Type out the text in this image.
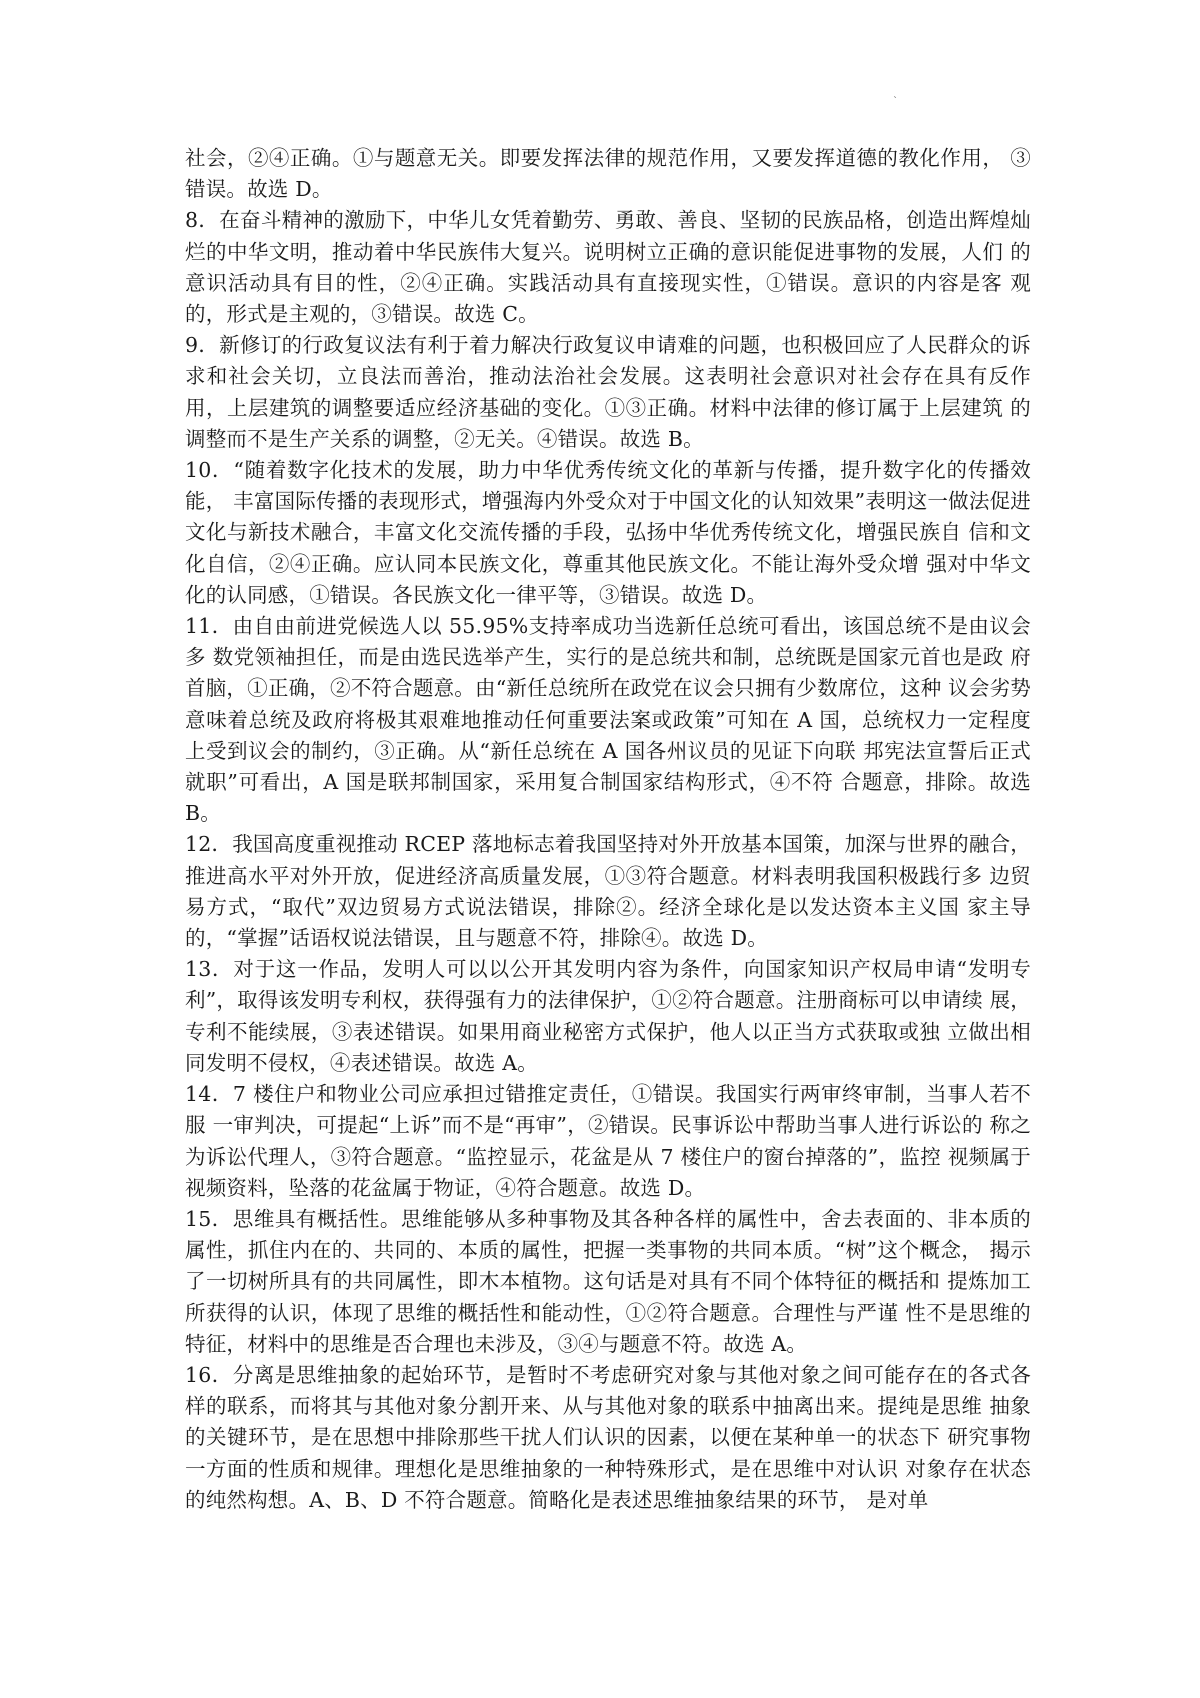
`

社会，②④正确。①与题意无关。即要发挥法律的规范作用，又要发挥道德的教化作用， ③错误。故选 D。

8．在奋斗精神的激励下，中华儿女凭着勤劳、勇敢、善良、坚韧的民族品格，创造出辉煌灿 烂的中华文明，推动着中华民族伟大复兴。说明树立正确的意识能促进事物的发展，人们 的意识活动具有目的性，②④正确。实践活动具有直接现实性，①错误。意识的内容是客 观的，形式是主观的，③错误。故选 C。

9．新修订的行政复议法有利于着力解决行政复议申请难的问题，也积极回应了人民群众的诉 求和社会关切，立良法而善治，推动法治社会发展。这表明社会意识对社会存在具有反作 用，上层建筑的调整要适应经济基础的变化。①③正确。材料中法律的修订属于上层建筑 的调整而不是生产关系的调整，②无关。④错误。故选 B。

10．“随着数字化技术的发展，助力中华优秀传统文化的革新与传播，提升数字化的传播效能， 丰富国际传播的表现形式，增强海内外受众对于中国文化的认知效果”表明这一做法促进文化与新技术融合，丰富文化交流传播的手段，弘扬中华优秀传统文化，增强民族自 信和文化自信，②④正确。应认同本民族文化，尊重其他民族文化。不能让海外受众增 强对中华文化的认同感，①错误。各民族文化一律平等，③错误。故选 D。

11．由自由前进党候选人以 55.95%支持率成功当选新任总统可看出，该国总统不是由议会多 数党领袖担任，而是由选民选举产生，实行的是总统共和制，总统既是国家元首也是政 府首脑，①正确，②不符合题意。由“新任总统所在政党在议会只拥有少数席位，这种 议会劣势意味着总统及政府将极其艰难地推动任何重要法案或政策”可知在 A 国，总统权力一定程度上受到议会的制约，③正确。从“新任总统在 A 国各州议员的见证下向联 邦宪法宣誓后正式就职”可看出，A 国是联邦制国家，采用复合制国家结构形式，④不符 合题意，排除。故选 B。

12．我国高度重视推动 RCEP 落地标志着我国坚持对外开放基本国策，加深与世界的融合，推进高水平对外开放，促进经济高质量发展，①③符合题意。材料表明我国积极践行多 边贸易方式，“取代”双边贸易方式说法错误，排除②。经济全球化是以发达资本主义国 家主导的，“掌握”话语权说法错误，且与题意不符，排除④。故选 D。

13．对于这一作品，发明人可以以公开其发明内容为条件，向国家知识产权局申请“发明专利”，取得该发明专利权，获得强有力的法律保护，①②符合题意。注册商标可以申请续 展，专利不能续展，③表述错误。如果用商业秘密方式保护，他人以正当方式获取或独 立做出相同发明不侵权，④表述错误。故选 A。

14．7 楼住户和物业公司应承担过错推定责任，①错误。我国实行两审终审制，当事人若不服 一审判决，可提起“上诉”而不是“再审”，②错误。民事诉讼中帮助当事人进行诉讼的 称之为诉讼代理人，③符合题意。“监控显示，花盆是从 7 楼住户的窗台掉落的”，监控 视频属于视频资料，坠落的花盆属于物证，④符合题意。故选 D。

15．思维具有概括性。思维能够从多种事物及其各种各样的属性中，舍去表面的、非本质的属性，抓住内在的、共同的、本质的属性，把握一类事物的共同本质。“树”这个概念， 揭示了一切树所具有的共同属性，即木本植物。这句话是对具有不同个体特征的概括和 提炼加工所获得的认识，体现了思维的概括性和能动性，①②符合题意。合理性与严谨 性不是思维的特征，材料中的思维是否合理也未涉及，③④与题意不符。故选 A。

16．分离是思维抽象的起始环节，是暂时不考虑研究对象与其他对象之间可能存在的各式各样的联系，而将其与其他对象分割开来、从与其他对象的联系中抽离出来。提纯是思维 抽象的关键环节，是在思想中排除那些干扰人们认识的因素，以便在某种单一的状态下 研究事物一方面的性质和规律。理想化是思维抽象的一种特殊形式，是在思维中对认识 对象存在状态的纯然构想。A、B、D 不符合题意。简略化是表述思维抽象结果的环节， 是对单
